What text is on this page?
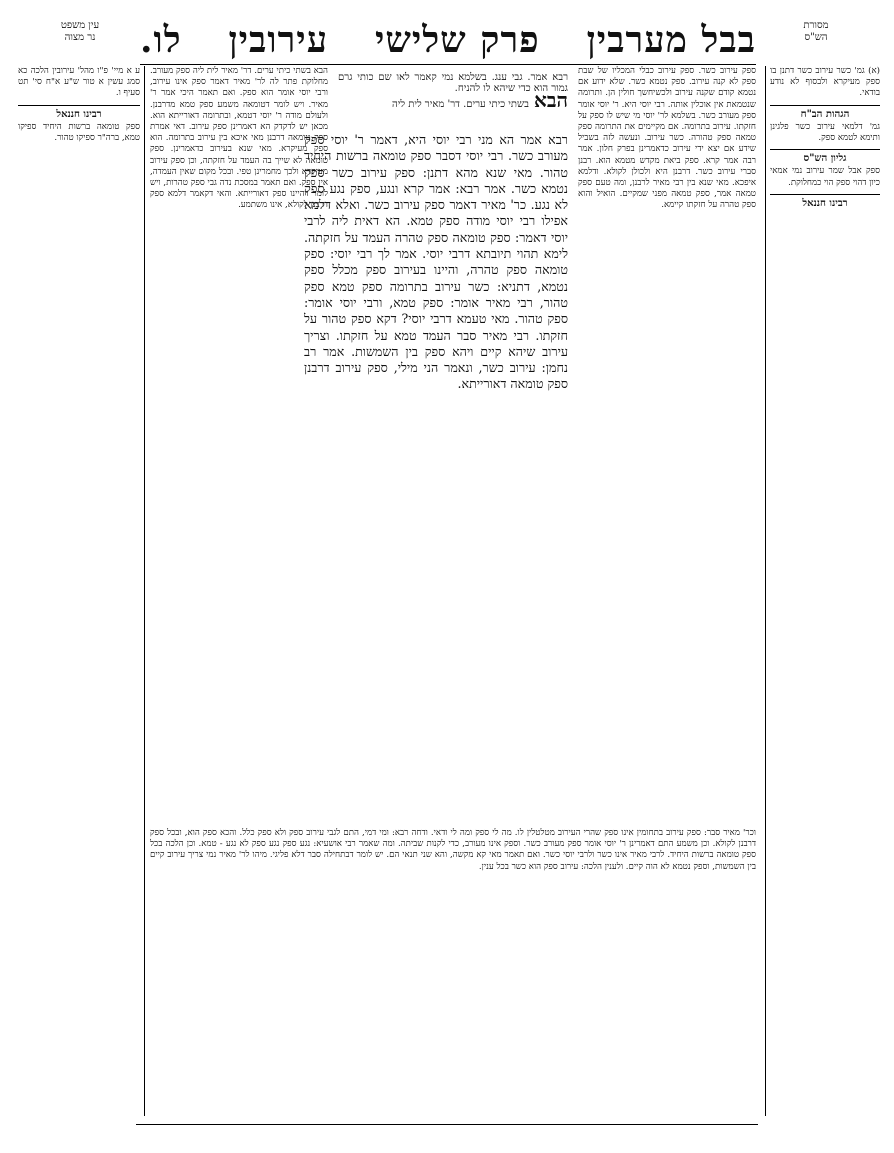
מסורת
הש"ס
עין משפט
נר מצוה	בבל מערבין
פרק שלישי
עירובין
לו.

(א) גמ' כשר עירוב כשר דתנן בו ספק מעיקרא ולבסוף לא נודע בודאי.

הגהות הב"ח

גמ' דלמאי עירוב כשר פלגינן ותימא לטמא ספק.

גליון הש"ס

ספק אבל שמר עירוב נמי אמאי כיון דהוי ספק הוי כמחלוקת.

רבינו חננאל

ע א מיי' פ"ו מהל' עירובין הלכה כא סמג עשין א טור ש"ע א"ח סי' תט סעיף ו.

רבינו חננאל

ספק טומאה ברשות היחיד ספיקו טמא, ברה"ר ספיקו טהור.

ספק עירוב כשר. ספק עירוב כבלי המכליו של שבת ספק לא קנה עירוב. ספק נטמא כשר. שלא ידוע אם נטמא קודם שקנה עירוב ולכשיחשך חולין הן. ותרומה שנטמאת אין אוכלין אותה. רבי יוסי היא. ר' יוסי אומר ספק מעורב כשר. בשלמא לר' יוסי מי שיש לו ספק על חזקתו. עירוב בתרומה. אם מקיימים את התרומה ספק טמאה ספק טהורה. כשר עירוב. ונעשה לזה בשביל שידע אם יצא ידי עירוב כדאמרינן בפרק חלון. אמר רבה אמר קרא. ספק ביאת מקדש מטמא הוא. רבנן סברי עירוב כשר. דרבנן היא ולכולן לקולא. ודלמא איפכא. מאי שנא בין רבי מאיר לרבנן, ומה טעם ספק טמאה אמר, ספק טמאה מפני שמקיים. הואיל והוא ספק טהרה על חזקתו קיימא.

הבא בשתי כיתי ערים. דר' מאיר לית ליה ספק מעורב. מחלוקת פתר לה לר' מאיר דאמר ספק אינו עירוב, ורבי יוסי אומר הוא ספק. ואם תאמר היכי אמר ר' מאיר. ויש לומר דטומאה משמע ספק טמא מדרבנן. ולעולם מודה ר' יוסי דטמא, ובתרומה דאורייתא הוא. מכאן יש לדקדק הא דאמרינן ספק עירוב. דאי אמרת ספק טומאה דרבנן מאי איכא בין עירוב בתרומה. הוא ספק מעיקרא. מאי שנא בעירוב כדאמרינן. ספק טומאה לא שייך בה העמד על חזקתה, וכן ספק עירוב מעיקרא ולכך מחמרינן טפי. ובכל מקום שאין העמדה, אין ספק. ואם תאמר במסכת נדה גבי ספק טהרות, ויש לומר דהיינו ספק דאורייתא. והאי דקאמר דלמא ספק דרבנן לקולא, אינו משתמע.

רבא אמר. גבי ענג. בשלמא נמי קאמר לאו שם כותי גרם גמור הוא כדי שיהא לו להניח.
הבא בשתי כיתי ערים. דר' מאיר לית ליה
רבא אמר הא מני רבי יוסי היא, דאמר ר' יוסי ספק מעורב כשר. רבי יוסי דסבר ספק טומאה ברשות היחיד טהור. מאי שנא מהא דתנן: ספק עירוב כשר ספק נטמא כשר. אמר רבא: אמר קרא ונגע, ספק נגע ספק לא נגע. כר' מאיר דאמר ספק עירוב כשר. ואלא דלמא אפילו רבי יוסי מודה ספק טמא. הא דאית ליה לרבי יוסי דאמר: ספק טומאה ספק טהרה העמד על חזקתה. לימא תהוי תיובתא דרבי יוסי. אמר לך רבי יוסי: ספק טומאה ספק טהרה, והיינו בעירוב ספק מכלל ספק נטמא, דתניא: כשר עירוב בתרומה ספק טמא ספק טהור, רבי מאיר אומר: ספק טמא, ורבי יוסי אומר: ספק טהור. מאי טעמא דרבי יוסי? דקא ספק טהור על חזקתו. רבי מאיר סבר העמד טמא על חזקתו. וצריך עירוב שיהא קיים ויהא ספק בין השמשות. אמר רב נחמן: עירוב כשר, ונאמר הני מילי, ספק עירוב דרבנן ספק טומאה דאורייתא.
וכר' מאיר סבר: ספק עירוב בתחומין אינו ספק שהרי העירוב מטלטלין לו. מה לי ספק ומה לי ודאי. ודחה רבא: ומי דמי, התם לגבי עירוב ספק ולא ספק כלל. והכא ספק הוא, ובכל ספק דרבנן לקולא. וכן משמע התם דאמרינן ר' יוסי אומר ספק מעורב כשר. וספק אינו מעורב, כדי לקנות שביתה. ומה שאמר רבי אושעיא: נגע ספק נגע ספק לא נגע - טמא. וכן הלכה בכל ספק טומאה ברשות היחיד. לרבי מאיר אינו כשר ולרבי יוסי כשר. ואם תאמר מאי קא מקשה, והא שני תנאי הם. יש לומר דבתחילה סבר דלא פליגי. מיהו לר' מאיר נמי צריך עירוב קיים בין השמשות, וספק נטמא לא הוה קיים. ולענין הלכה: עירוב ספק הוא כשר בכל ענין.
